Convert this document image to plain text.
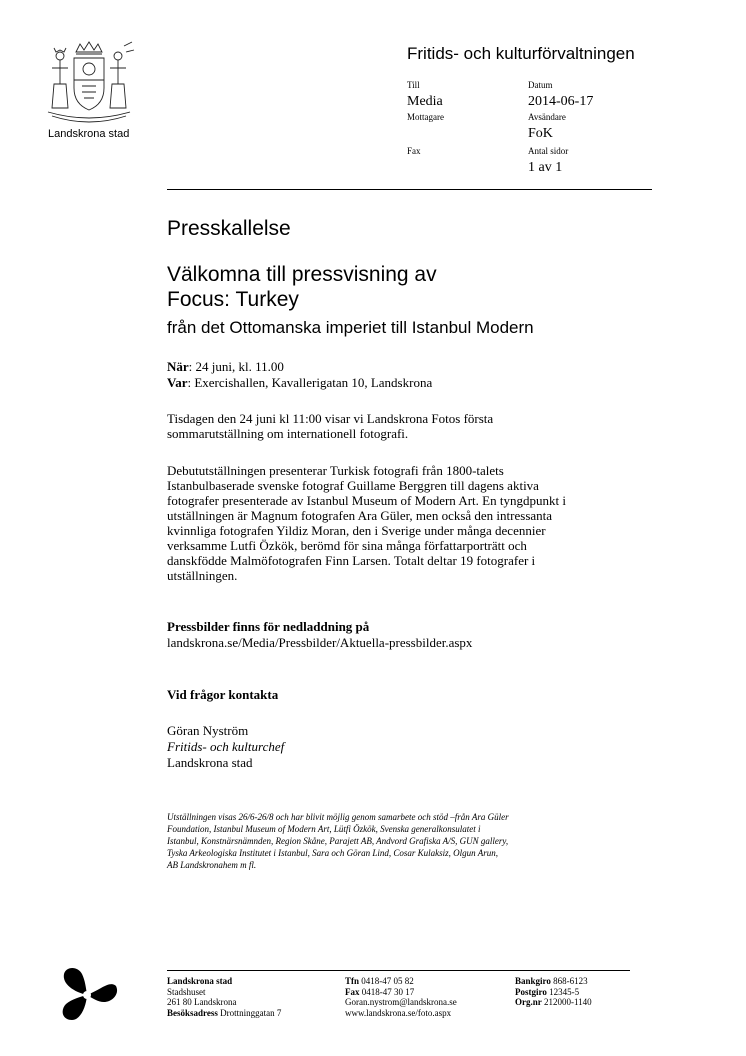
Landskrona stad
Fritids- och kulturförvaltningen
Till
Media
Mottagare
Fax
Datum
2014-06-17
Avsändare
FoK
Antal sidor
1 av 1
Presskallelse
Välkomna till pressvisning av
Focus: Turkey
från det Ottomanska imperiet till Istanbul Modern
När: 24 juni, kl. 11.00
Var: Exercishallen, Kavallerigatan 10, Landskrona
Tisdagen den 24 juni kl 11:00 visar vi Landskrona Fotos första
sommarutställning om internationell fotografi.
Debututställningen presenterar Turkisk fotografi från 1800-talets
Istanbulbaserade svenske fotograf Guillame Berggren till dagens aktiva
fotografer presenterade av Istanbul Museum of Modern Art. En tyngdpunkt i
utställningen är Magnum fotografen Ara Güler, men också den intressanta
kvinnliga fotografen Yildiz Moran, den i Sverige under många decennier
verksamme Lutfi Özkök, berömd för sina många författarporträtt och
danskfödde Malmöfotografen Finn Larsen. Totalt deltar 19 fotografer i
utställningen.
Pressbilder finns för nedladdning på
landskrona.se/Media/Pressbilder/Aktuella-pressbilder.aspx
Vid frågor kontakta
Göran Nyström
Fritids- och kulturchef
Landskrona stad
Utställningen visas 26/6-26/8 och har blivit möjlig genom samarbete och stöd –från Ara Güler
Foundation, Istanbul Museum of Modern Art, Lütfi Özkök, Svenska generalkonsulatet i
Istanbul, Konstnärsnämnden, Region Skåne, Parajett AB, Andvord Grafiska A/S, GUN gallery,
Tyska Arkeologiska Institutet i Istanbul, Sara och Göran Lind, Cosar Kulaksiz, Olgun Arun,
AB Landskronahem m fl.
Landskrona stad
Stadshuset
261 80 Landskrona
Besöksadress Drottninggatan 7
Tfn 0418-47 05 82
Fax 0418-47 30 17
Goran.nystrom@landskrona.se
www.landskrona.se/foto.aspx
Bankgiro 868-6123
Postgiro 12345-5
Org.nr 212000-1140
